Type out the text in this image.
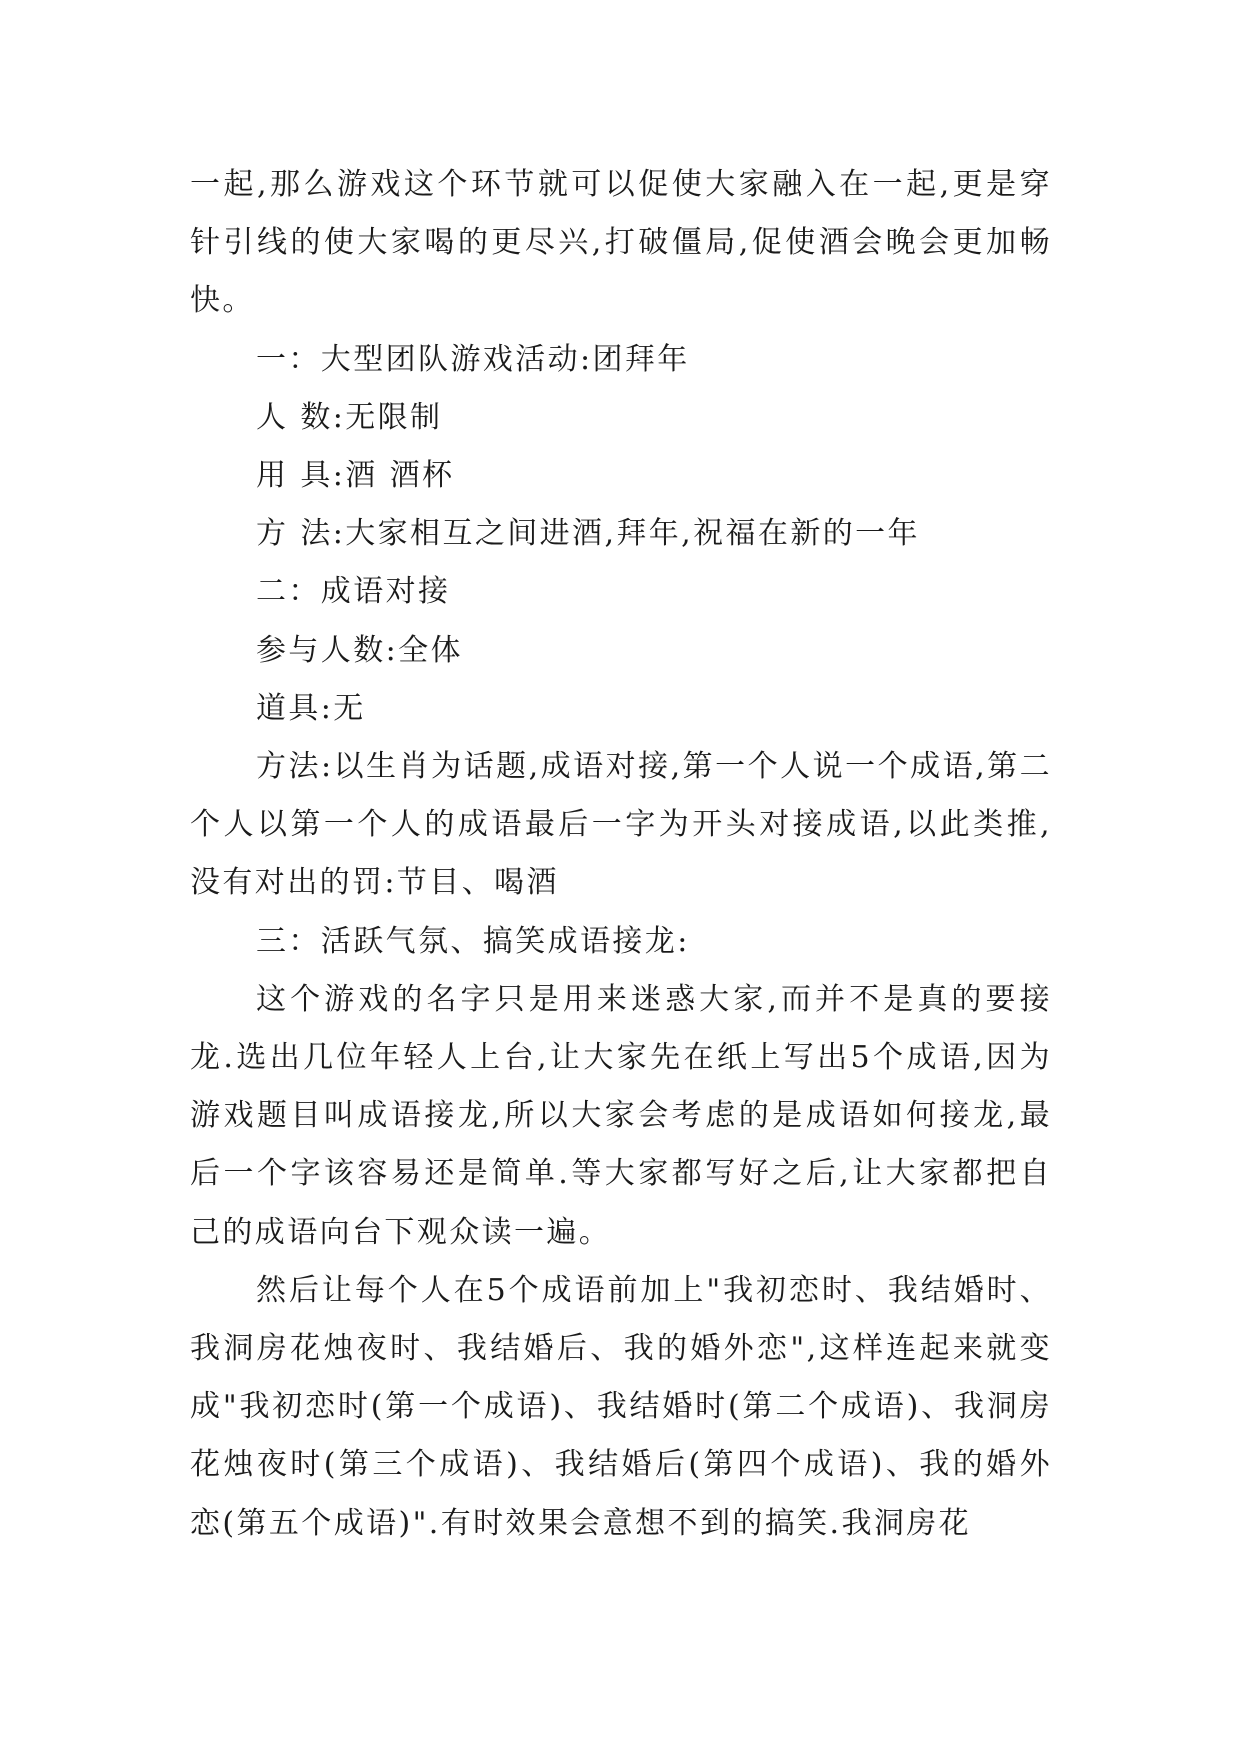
一起,那么游戏这个环节就可以促使大家融入在一起,更是穿针引线的使大家喝的更尽兴,打破僵局,促使酒会晚会更加畅快。

一：大型团队游戏活动:团拜年

人 数:无限制

用 具:酒 酒杯

方 法:大家相互之间进酒,拜年,祝福在新的一年

二：成语对接

参与人数:全体

道具:无

方法:以生肖为话题,成语对接,第一个人说一个成语,第二个人以第一个人的成语最后一字为开头对接成语,以此类推,没有对出的罚:节目、喝酒

三：活跃气氛、搞笑成语接龙:

这个游戏的名字只是用来迷惑大家,而并不是真的要接龙.选出几位年轻人上台,让大家先在纸上写出5个成语,因为游戏题目叫成语接龙,所以大家会考虑的是成语如何接龙,最后一个字该容易还是简单.等大家都写好之后,让大家都把自己的成语向台下观众读一遍。

然后让每个人在5个成语前加上"我初恋时、我结婚时、我洞房花烛夜时、我结婚后、我的婚外恋",这样连起来就变成"我初恋时(第一个成语)、我结婚时(第二个成语)、我洞房花烛夜时(第三个成语)、我结婚后(第四个成语)、我的婚外恋(第五个成语)".有时效果会意想不到的搞笑.我洞房花
